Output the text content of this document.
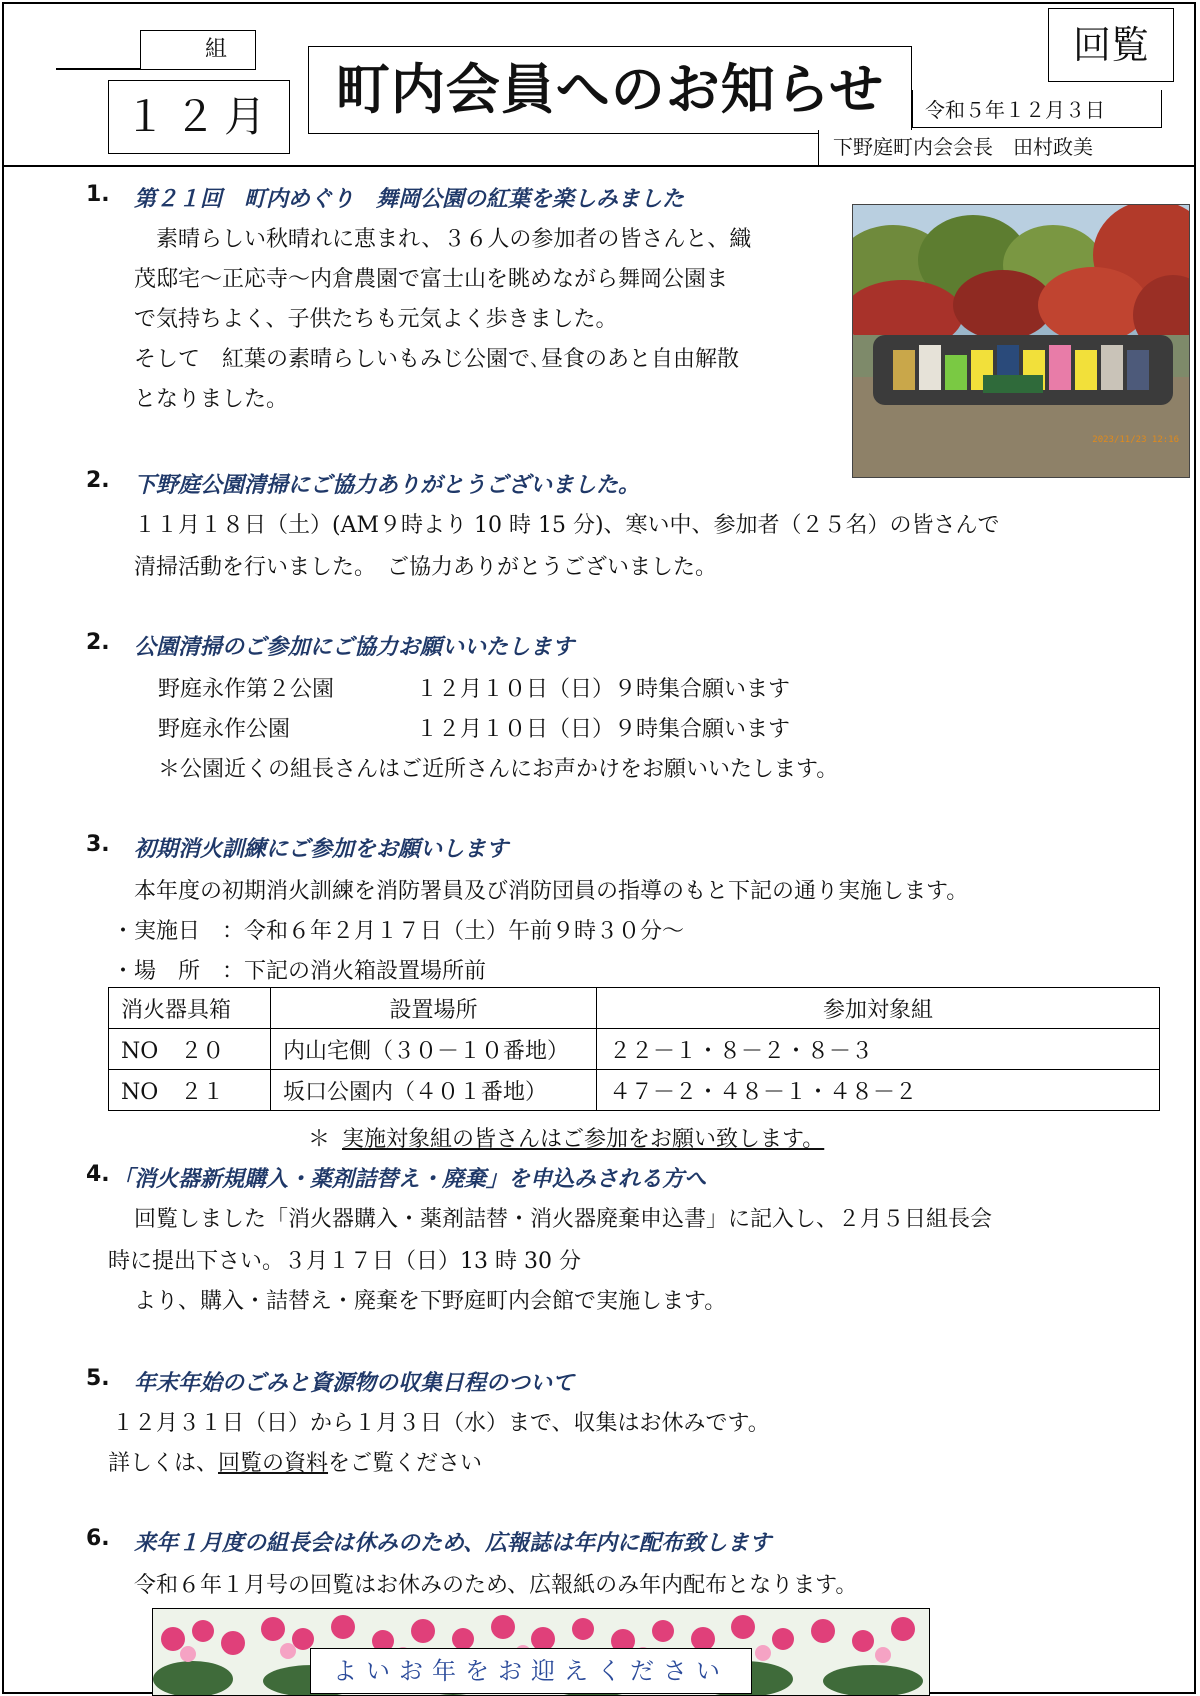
組
１２月	町内会員へのお知らせ
回覧
令和５年１２月３日
下野庭町内会会長　田村政美
1. 第２１回　町内めぐり　舞岡公園の紅葉を楽しみました
　素晴らしい秋晴れに恵まれ、３６人の参加者の皆さんと、織
茂邸宅～正応寺～内倉農園で富士山を眺めながら舞岡公園ま
で気持ちよく、子供たちも元気よく歩きました。
そして　紅葉の素晴らしいもみじ公園で､昼食のあと自由解散
となりました。
2023/11/23 12:16
2. 下野庭公園清掃にご協力ありがとうございました。
１１月１８日（土）(AM９時より 10 時 15 分)、寒い中、参加者（２５名）の皆さんで
清掃活動を行いました。　ご協力ありがとうございました。
2. 公園清掃のご参加にご協力お願いいたします
野庭永作第２公園	１２月１０日（日）９時集合願います
野庭永作公園	１２月１０日（日）９時集合願います
＊公園近くの組長さんはご近所さんにお声かけをお願いいたします。
3. 初期消火訓練にご参加をお願いします
本年度の初期消火訓練を消防署員及び消防団員の指導のもと下記の通り実施します。
・実施日　：令和６年２月１７日（土）午前９時３０分～
・場　所　：下記の消火箱設置場所前
消火器具箱	設置場所	参加対象組
NO　２０	内山宅側（３０－１０番地）	２２－１・８－２・８－３
NO　２１	坂口公園内（４０１番地）	４７－２・４８－１・４８－２
＊ 実施対象組の皆さんはご参加をお願い致します。
4. 「消火器新規購入・薬剤詰替え・廃棄」を申込みされる方へ
回覧しました「消火器購入・薬剤詰替・消火器廃棄申込書」に記入し、２月５日組長会
時に提出下さい。３月１７日（日）13 時 30 分
より、購入・詰替え・廃棄を下野庭町内会館で実施します。
5. 年末年始のごみと資源物の収集日程のついて
１２月３１日（日）から１月３日（水）まで、収集はお休みです。
詳しくは、回覧の資料をご覧ください
6. 来年１月度の組長会は休みのため、広報誌は年内に配布致します
令和６年１月号の回覧はお休みのため、広報紙のみ年内配布となります。
よいお年をお迎えください
